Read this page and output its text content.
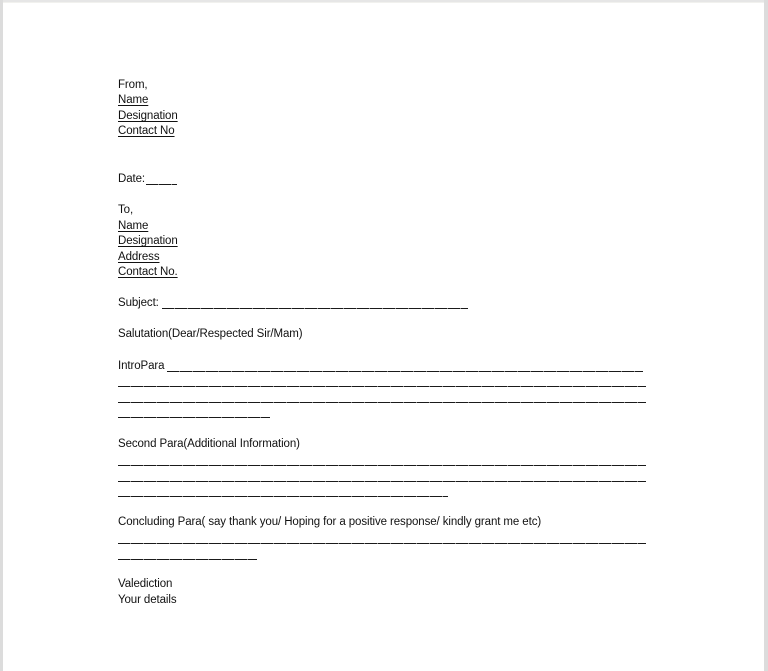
From,
Name
Designation
Contact No
Date:
To,
Name
Designation
Address
Contact No.
Subject:
Salutation(Dear/Respected Sir/Mam)
IntroPara
Second Para(Additional Information)
Concluding Para( say thank you/ Hoping for a positive response/ kindly grant me etc)
Valediction
Your details
